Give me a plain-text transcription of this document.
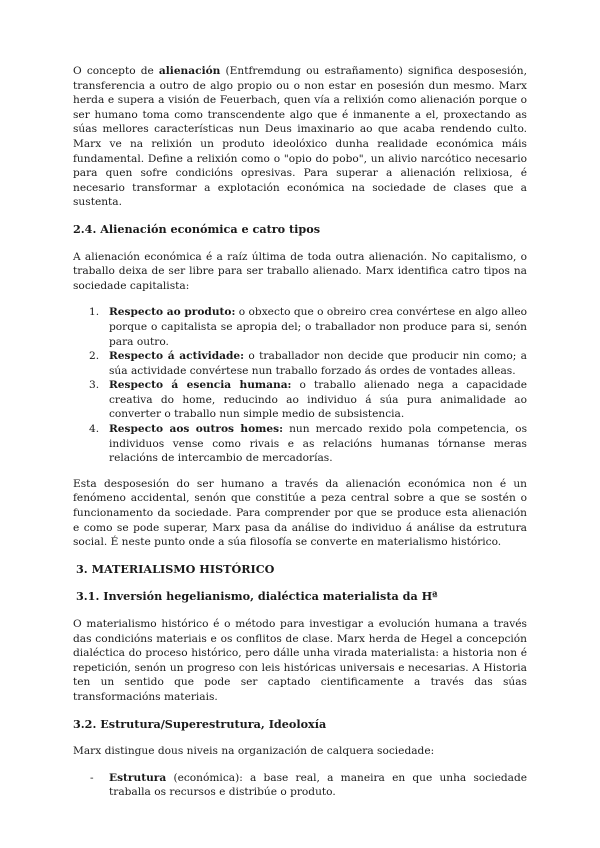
O concepto de alienación (Entfremdung ou estrañamento) significa desposesión, transferencia a outro de algo propio ou o non estar en posesión dun mesmo. Marx herda e supera a visión de Feuerbach, quen vía a relixión como alienación porque o ser humano toma como transcendente algo que é inmanente a el, proxectando as súas mellores características nun Deus imaxinario ao que acaba rendendo culto. Marx ve na relixión un produto ideolóxico dunha realidade económica máis fundamental. Define a relixión como o "opio do pobo", un alivio narcótico necesario para quen sofre condicións opresivas. Para superar a alienación relixiosa, é necesario transformar a explotación económica na sociedade de clases que a sustenta.

2.4. Alienación económica e catro tipos

A alienación económica é a raíz última de toda outra alienación. No capitalismo, o traballo deixa de ser libre para ser traballo alienado. Marx identifica catro tipos na sociedade capitalista:

1. Respecto ao produto: o obxecto que o obreiro crea convértese en algo alleo porque o capitalista se apropia del; o traballador non produce para si, senón para outro.
2. Respecto á actividade: o traballador non decide que producir nin como; a súa actividade convértese nun traballo forzado ás ordes de vontades alleas.
3. Respecto á esencia humana: o traballo alienado nega a capacidade creativa do home, reducindo ao individuo á súa pura animalidade ao converter o traballo nun simple medio de subsistencia.
4. Respecto aos outros homes: nun mercado rexido pola competencia, os individuos vense como rivais e as relacións humanas tórnanse meras relacións de intercambio de mercadorías.

Esta desposesión do ser humano a través da alienación económica non é un fenómeno accidental, senón que constitúe a peza central sobre a que se sostén o funcionamento da sociedade. Para comprender por que se produce esta alienación e como se pode superar, Marx pasa da análise do individuo á análise da estrutura social. É neste punto onde a súa filosofía se converte en materialismo histórico.

3. MATERIALISMO HISTÓRICO

3.1. Inversión hegelianismo, dialéctica materialista da Hª

O materialismo histórico é o método para investigar a evolución humana a través das condicións materiais e os conflitos de clase. Marx herda de Hegel a concepción dialéctica do proceso histórico, pero dálle unha virada materialista: a historia non é repetición, senón un progreso con leis históricas universais e necesarias. A Historia ten un sentido que pode ser captado cientificamente a través das súas transformacións materiais.

3.2. Estrutura/Superestrutura, Ideoloxía

Marx distingue dous niveis na organización de calquera sociedade:

- Estrutura (económica): a base real, a maneira en que unha sociedade traballa os recursos e distribúe o produto.
